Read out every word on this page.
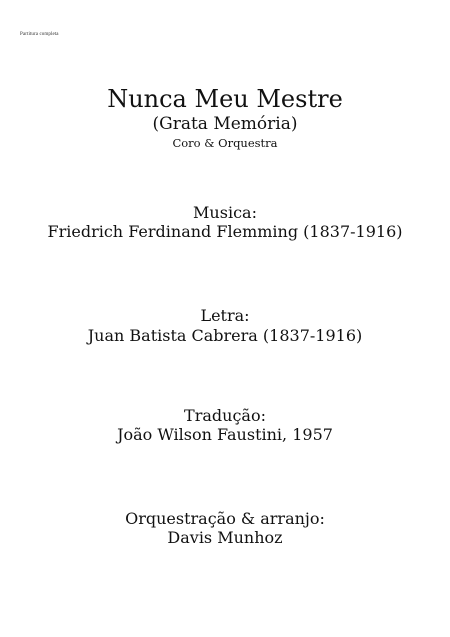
Partitura completa
Nunca Meu Mestre
(Grata Memória)
Coro & Orquestra
Musica:
Friedrich Ferdinand Flemming (1837-1916)
Letra:
Juan Batista Cabrera (1837-1916)
Tradução:
João Wilson Faustini, 1957
Orquestração & arranjo:
Davis Munhoz
